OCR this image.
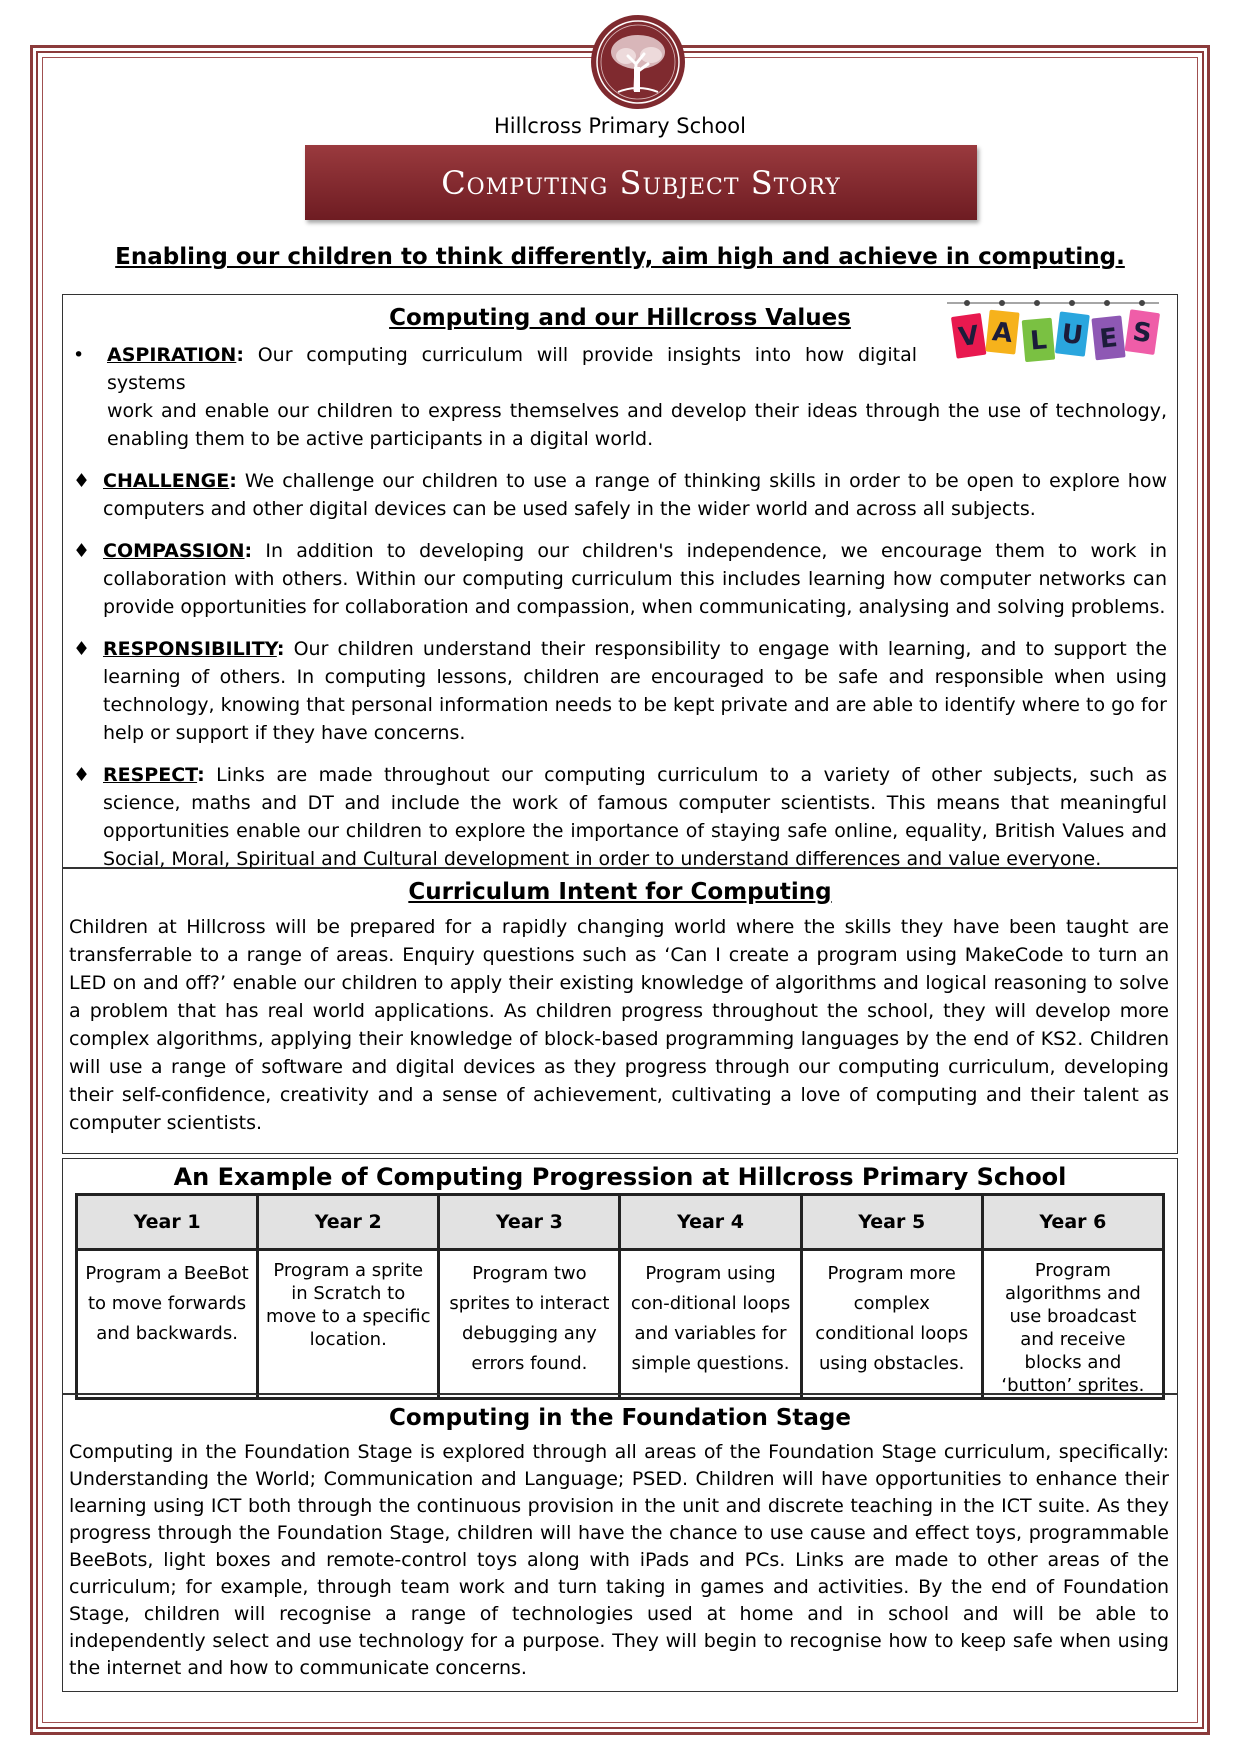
Hillcross Primary School
Computing Subject Story
Enabling our children to think differently, aim high and achieve in computing.
V A L U E S
Computing and our Hillcross Values
• ASPIRATION: Our computing curriculum will provide insights into how digital systems
work and enable our children to express themselves and develop their ideas through the use of technology, enabling them to be active participants in a digital world.
♦ CHALLENGE: We challenge our children to use a range of thinking skills in order to be open to explore how computers and other digital devices can be used safely in the wider world and across all subjects.
♦ COMPASSION: In addition to developing our children's independence, we encourage them to work in collaboration with others. Within our computing curriculum this includes learning how computer networks can provide opportunities for collaboration and compassion, when communicating, analysing and solving problems.
♦ RESPONSIBILITY: Our children understand their responsibility to engage with learning, and to support the learning of others. In computing lessons, children are encouraged to be safe and responsible when using technology, knowing that personal information needs to be kept private and are able to identify where to go for help or support if they have concerns.
♦ RESPECT: Links are made throughout our computing curriculum to a variety of other subjects, such as science, maths and DT and include the work of famous computer scientists. This means that meaningful opportunities enable our children to explore the importance of staying safe online, equality, British Values and Social, Moral, Spiritual and Cultural development in order to understand differences and value everyone.
Curriculum Intent for Computing

Children at Hillcross will be prepared for a rapidly changing world where the skills they have been taught are transferrable to a range of areas. Enquiry questions such as ‘Can I create a program using MakeCode to turn an LED on and off?’ enable our children to apply their existing knowledge of algorithms and logical reasoning to solve a problem that has real world applications. As children progress throughout the school, they will develop more complex algorithms, applying their knowledge of block-based programming languages by the end of KS2. Children will use a range of software and digital devices as they progress through our computing curriculum, developing their self-confidence, creativity and a sense of achievement, cultivating a love of computing and their talent as computer scientists.

An Example of Computing Progression at Hillcross Primary School
Year 1	Year 2	Year 3	Year 4	Year 5	Year 6
Program a BeeBot to move forwards and backwards.	Program a sprite in Scratch to move to a specific location.	Program two sprites to interact debugging any errors found.	Program using con-ditional loops and variables for simple questions.	Program more complex conditional loops using obstacles.	Program algorithms and use broadcast and receive blocks and ‘button’ sprites.
Computing in the Foundation Stage

Computing in the Foundation Stage is explored through all areas of the Foundation Stage curriculum, specifically: Understanding the World; Communication and Language; PSED. Children will have opportunities to enhance their learning using ICT both through the continuous provision in the unit and discrete teaching in the ICT suite. As they progress through the Foundation Stage, children will have the chance to use cause and effect toys, programmable BeeBots, light boxes and remote-control toys along with iPads and PCs. Links are made to other areas of the curriculum; for example, through team work and turn taking in games and activities. By the end of Foundation Stage, children will recognise a range of technologies used at home and in school and will be able to independently select and use technology for a purpose. They will begin to recognise how to keep safe when using the internet and how to communicate concerns.
